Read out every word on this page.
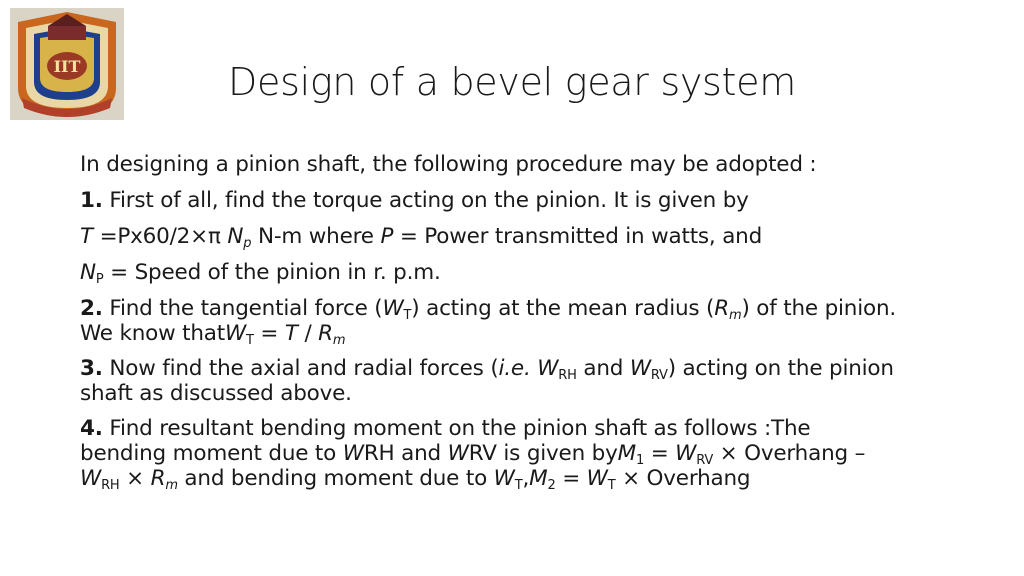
IIT	Design of a bevel gear system

In designing a pinion shaft, the following procedure may be adopted :

1. First of all, find the torque acting on the pinion. It is given by

T =Px60/2×π $N_p$ N-m where P = Power transmitted in watts, and

$N_P$ = Speed of the pinion in r. p.m.

2. Find the tangential force $(W_T)$ acting at the mean radius $(R_m)$ of the pinion.
We know thatW$_T$ = T / $R_m$

3. Now find the axial and radial forces (i.e. $W_{RH}$ and $W_{RV}$) acting on the pinion
shaft as discussed above.

4. Find resultant bending moment on the pinion shaft as follows :The
bending moment due to WRH and WRV is given $byM_1 = W_{RV}$ × Overhang –
$W_{RH} \times R_m$ and bending moment due to $W_T,M_2 = W_T$ × Overhang
